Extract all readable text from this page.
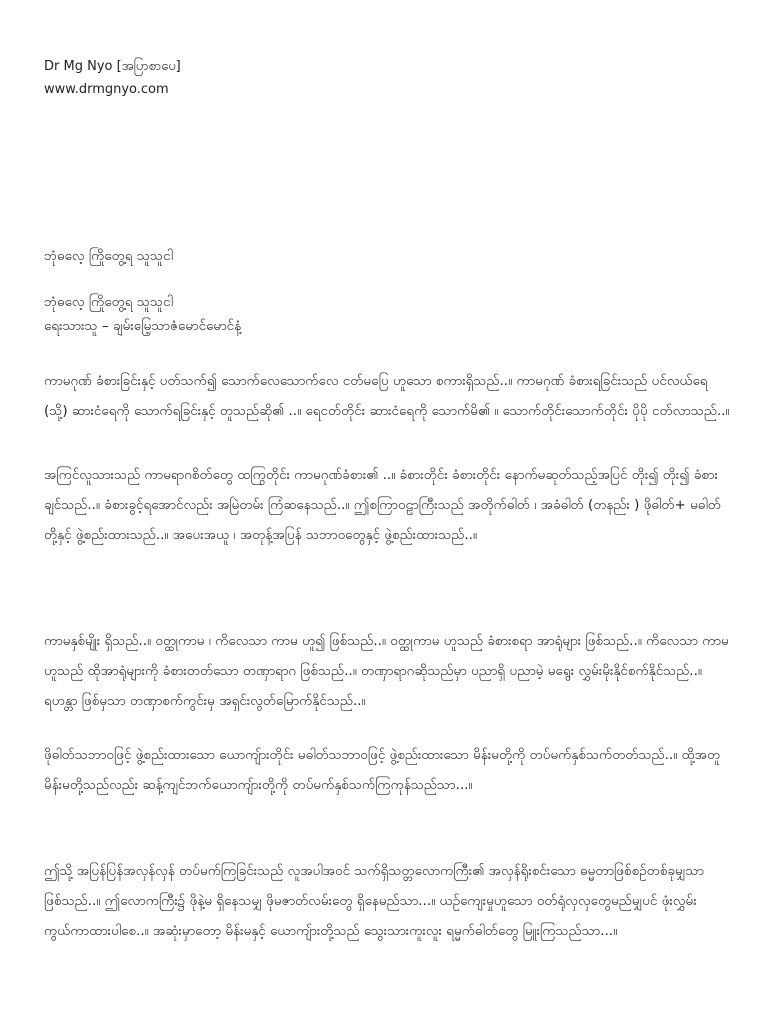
Dr Mg Nyo [အပြာစာပေ]
www.drmgnyo.com
ဘုံဓလေ့ ကြိုတွေ့ရ သူသူငါ
ဘုံဓလေ့ ကြိုတွေ့ရ သူသူငါ
ရေးသားသူ – ချမ်းမြေ့သာဇံမောင်မောင်နံ့

ကာမဂုဏ် ခံစားခြင်းနှင့် ပတ်သက်၍ သောက်လေသောက်လေ ငတ်မပြေ ဟူသော စကားရှိသည်..။ ကာမဂုဏ် ခံစားရခြင်းသည် ပင်လယ်ရေ (သို့) ဆားငံရေကို သောက်ရခြင်းနှင့် တူသည်ဆို၏ ..။ ရေငတ်တိုင်း ဆားငံရေကို သောက်မိ၏ ။ သောက်တိုင်းသောက်တိုင်း ပိုပို ငတ်လာသည်..။

အကြင်လူသားသည် ကာမရာဂစိတ်တွေ ထကြွတိုင်း ကာမဂုဏ်ခံစား၏ ..။ ခံစားတိုင်း ခံစားတိုင်း နောက်မဆုတ်သည့်အပြင် တိုး၍ တိုး၍ ခံစားချင်သည်..။ ခံစားခွင့်ရအောင်လည်း အမြဲတမ်း ကြံဆနေသည်..။ ဤစကြာဝဠာကြီးသည် အတိုက်ဓါတ် ၊ အခံဓါတ် (တနည်း ) ဖိုဓါတ်+ မဓါတ် တို့နှင့် ဖွဲ့စည်းထားသည်..။ အပေးအယူ ၊ အတုန့်အပြန် သဘာဝတွေနှင့် ဖွဲ့စည်းထားသည်..။

ကာမနှစ်မျိုး ရှိသည်..။ ဝတ္ထုကာမ ၊ ကိလေသာ ကာမ ဟူ၍ ဖြစ်သည်..။ ဝတ္ထုကာမ ဟူသည် ခံစားစရာ အာရုံများ ဖြစ်သည်..။ ကိလေသာ ကာမဟူသည် ထိုအာရုံများကို ခံစားတတ်သော တဏှာရာဂ ဖြစ်သည်..။ တဏှာရာဂဆိုသည်မှာ ပညာရှိ ပညာမဲ့ မရွေး လွှမ်းမိုးနိုင်စက်နိုင်သည်..။ ရဟန္တာ ဖြစ်မှသာ တဏှာစက်ကွင်းမှ အရှင်းလွတ်မြောက်နိုင်သည်..။

ဖိုဓါတ်သဘာဝဖြင့် ဖွဲ့စည်းထားသော ယောကျ်ားတိုင်း မဓါတ်သဘာဝဖြင့် ဖွဲ့စည်းထားသော မိန်းမတို့ကို တပ်မက်နှစ်သက်တတ်သည်..။ ထို့အတူ မိန်းမတို့သည်လည်း ဆန့်ကျင်ဘက်ယောကျ်ားတို့ကို တပ်မက်နှစ်သက်ကြကုန်သည်သာ...။

ဤသို့ အပြန်ပြန်အလှန်လှန် တပ်မက်ကြခြင်းသည် လူအပါအဝင် သက်ရှိသတ္တလောကကြီး၏ အလှန်ရိုးစင်းသော ဓမ္မတာဖြစ်စဉ်တစ်ခုမျှသာ ဖြစ်သည်..။ ဤလောကကြီး၌ ဖိုနဲ့မ ရှိနေသမျှ ဖိုမဇာတ်လမ်းတွေ ရှိနေမည်သာ...။ ယဉ်ကျေးမှုဟူသော ဝတ်ရုံလှလှတွေမည်မျှပင် ဖုံးလွှမ်းကွယ်ကာထားပါစေ..။ အဆုံးမှာတော့ မိန်းမနှင့် ယောကျ်ားတို့သည် သွေးသားကူးလူး ရမ္မက်ဓါတ်တွေ မြူးကြသည်သာ...။
